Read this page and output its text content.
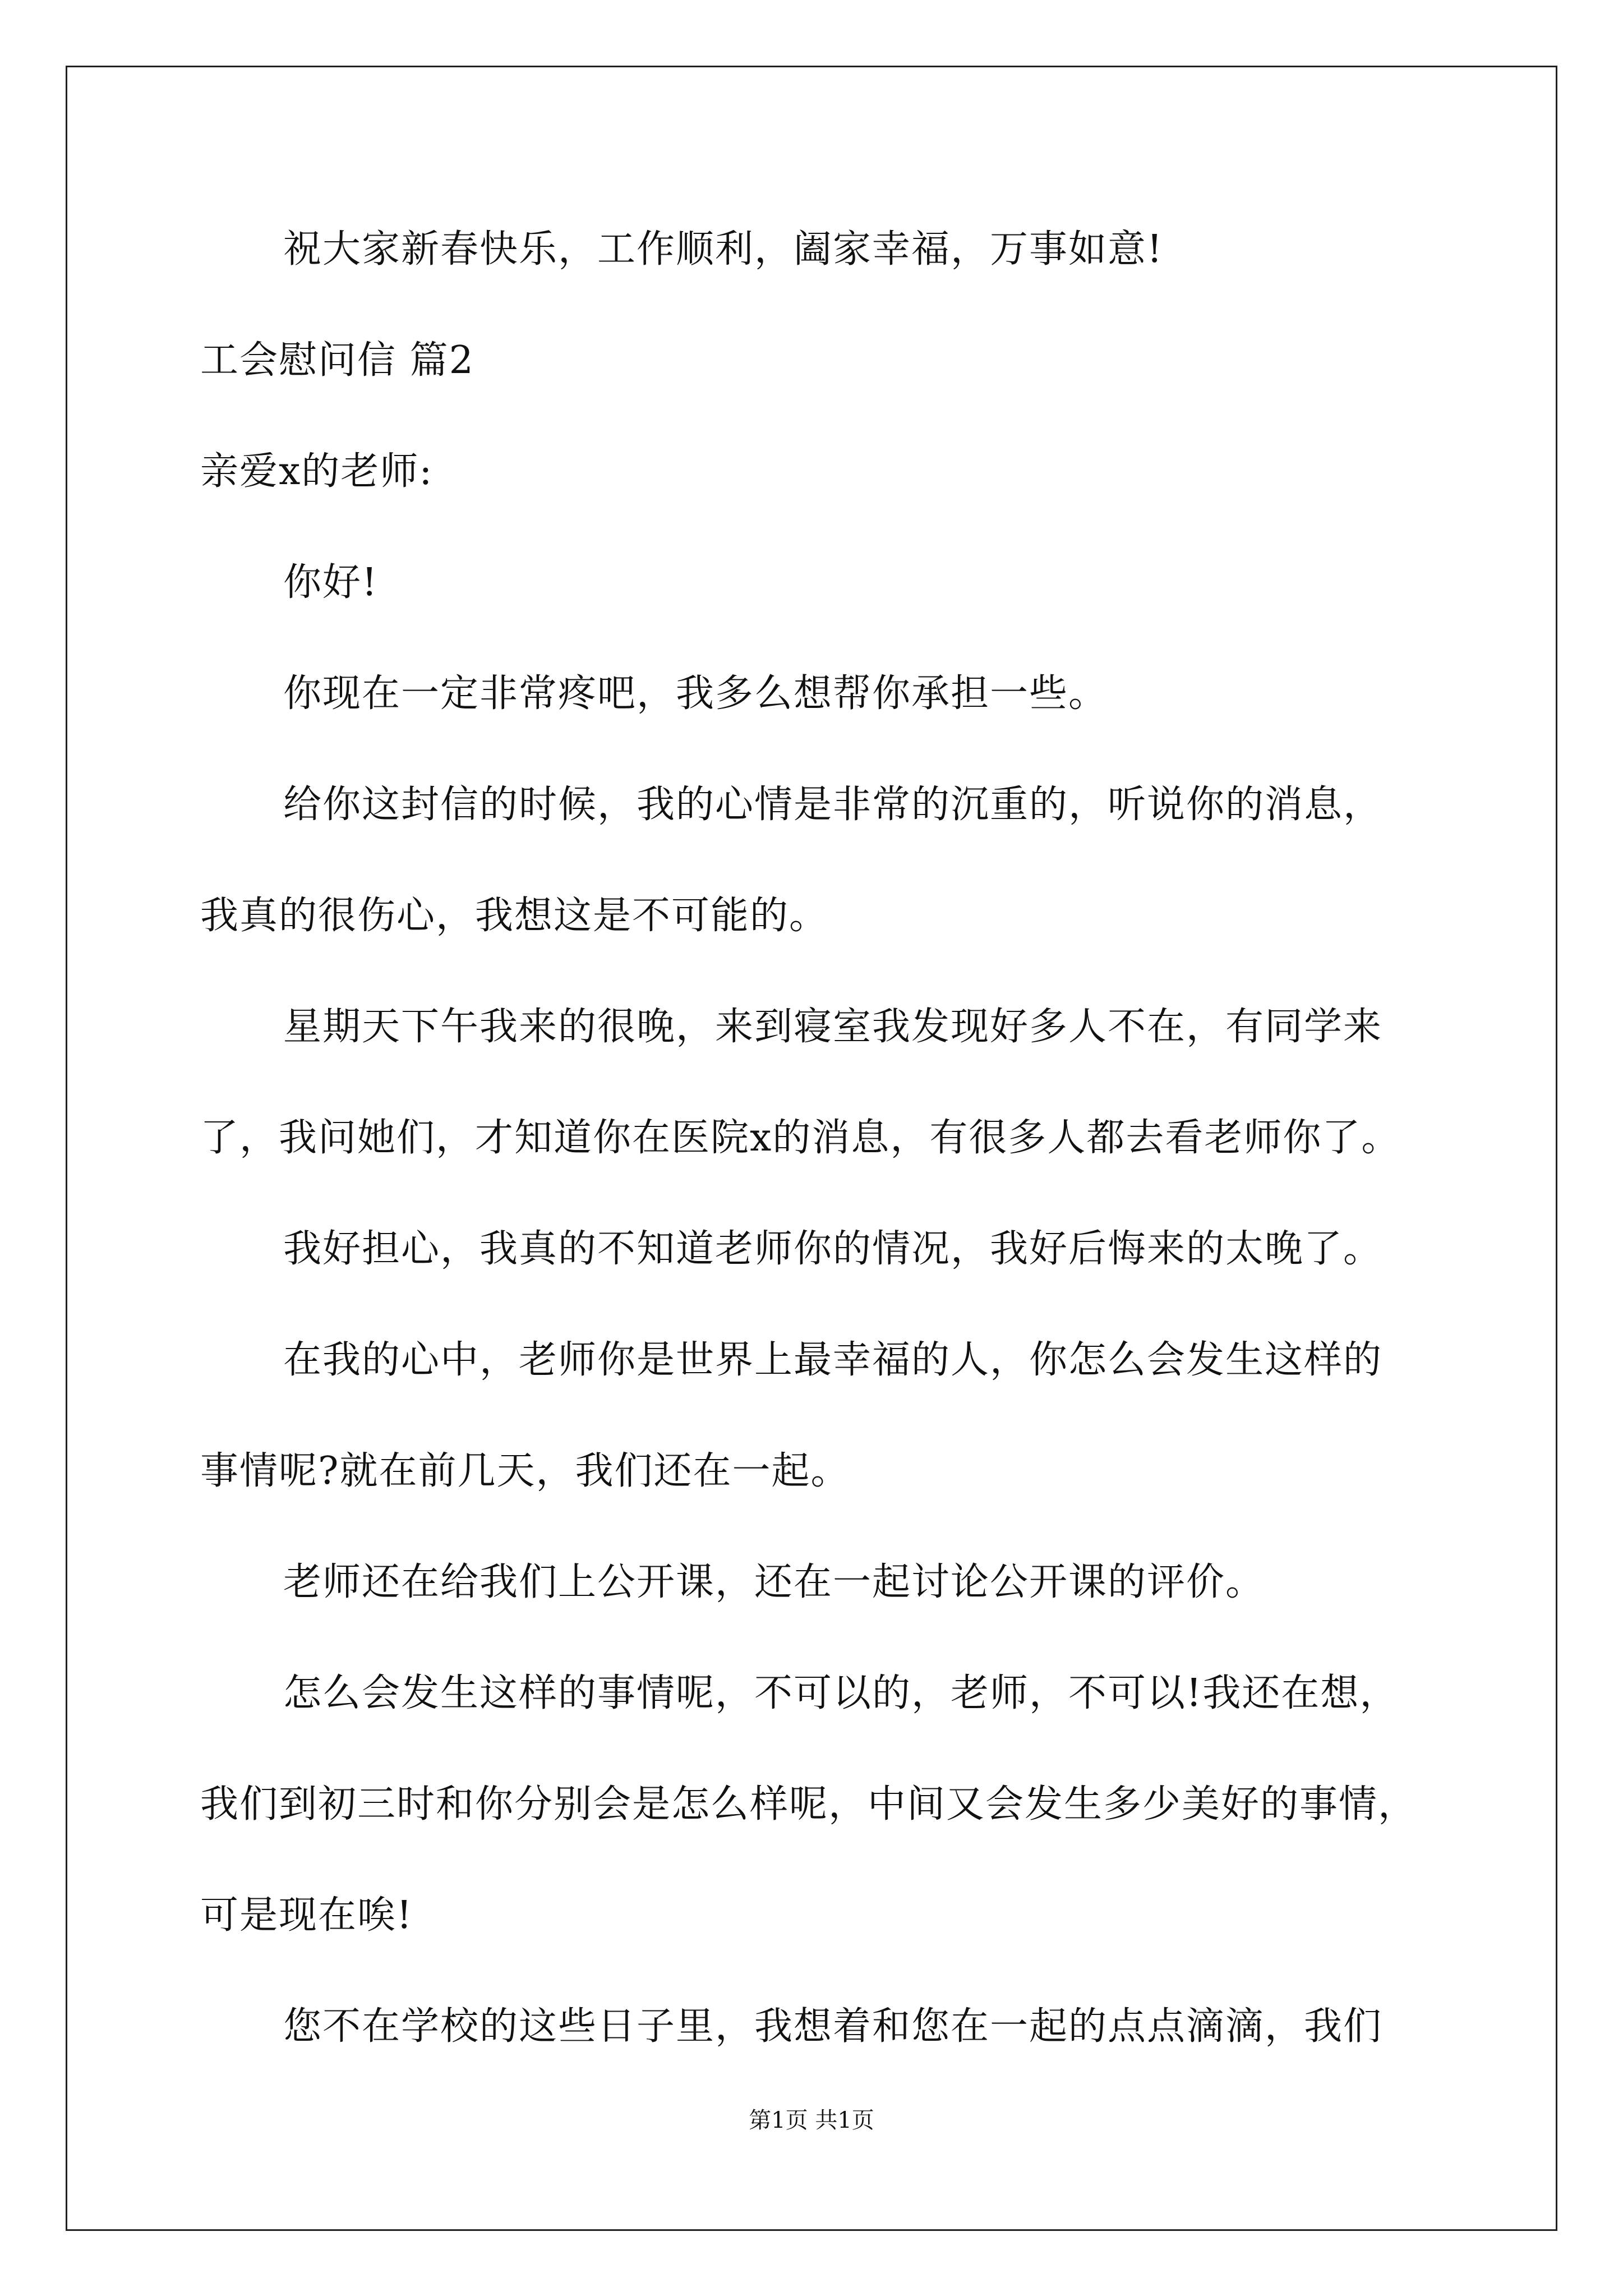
祝大家新春快乐，工作顺利，阖家幸福，万事如意!
工会慰问信 篇2
亲爱x的老师:
你好!
你现在一定非常疼吧，我多么想帮你承担一些。
给你这封信的时候，我的心情是非常的沉重的，听说你的消息，
我真的很伤心，我想这是不可能的。
星期天下午我来的很晚，来到寝室我发现好多人不在，有同学来
了，我问她们，才知道你在医院x的消息，有很多人都去看老师你了。
我好担心，我真的不知道老师你的情况，我好后悔来的太晚了。
在我的心中，老师你是世界上最幸福的人，你怎么会发生这样的
事情呢?就在前几天，我们还在一起。
老师还在给我们上公开课，还在一起讨论公开课的评价。
怎么会发生这样的事情呢，不可以的，老师，不可以!我还在想，
我们到初三时和你分别会是怎么样呢，中间又会发生多少美好的事情，
可是现在唉!
您不在学校的这些日子里，我想着和您在一起的点点滴滴，我们
第1页 共1页
